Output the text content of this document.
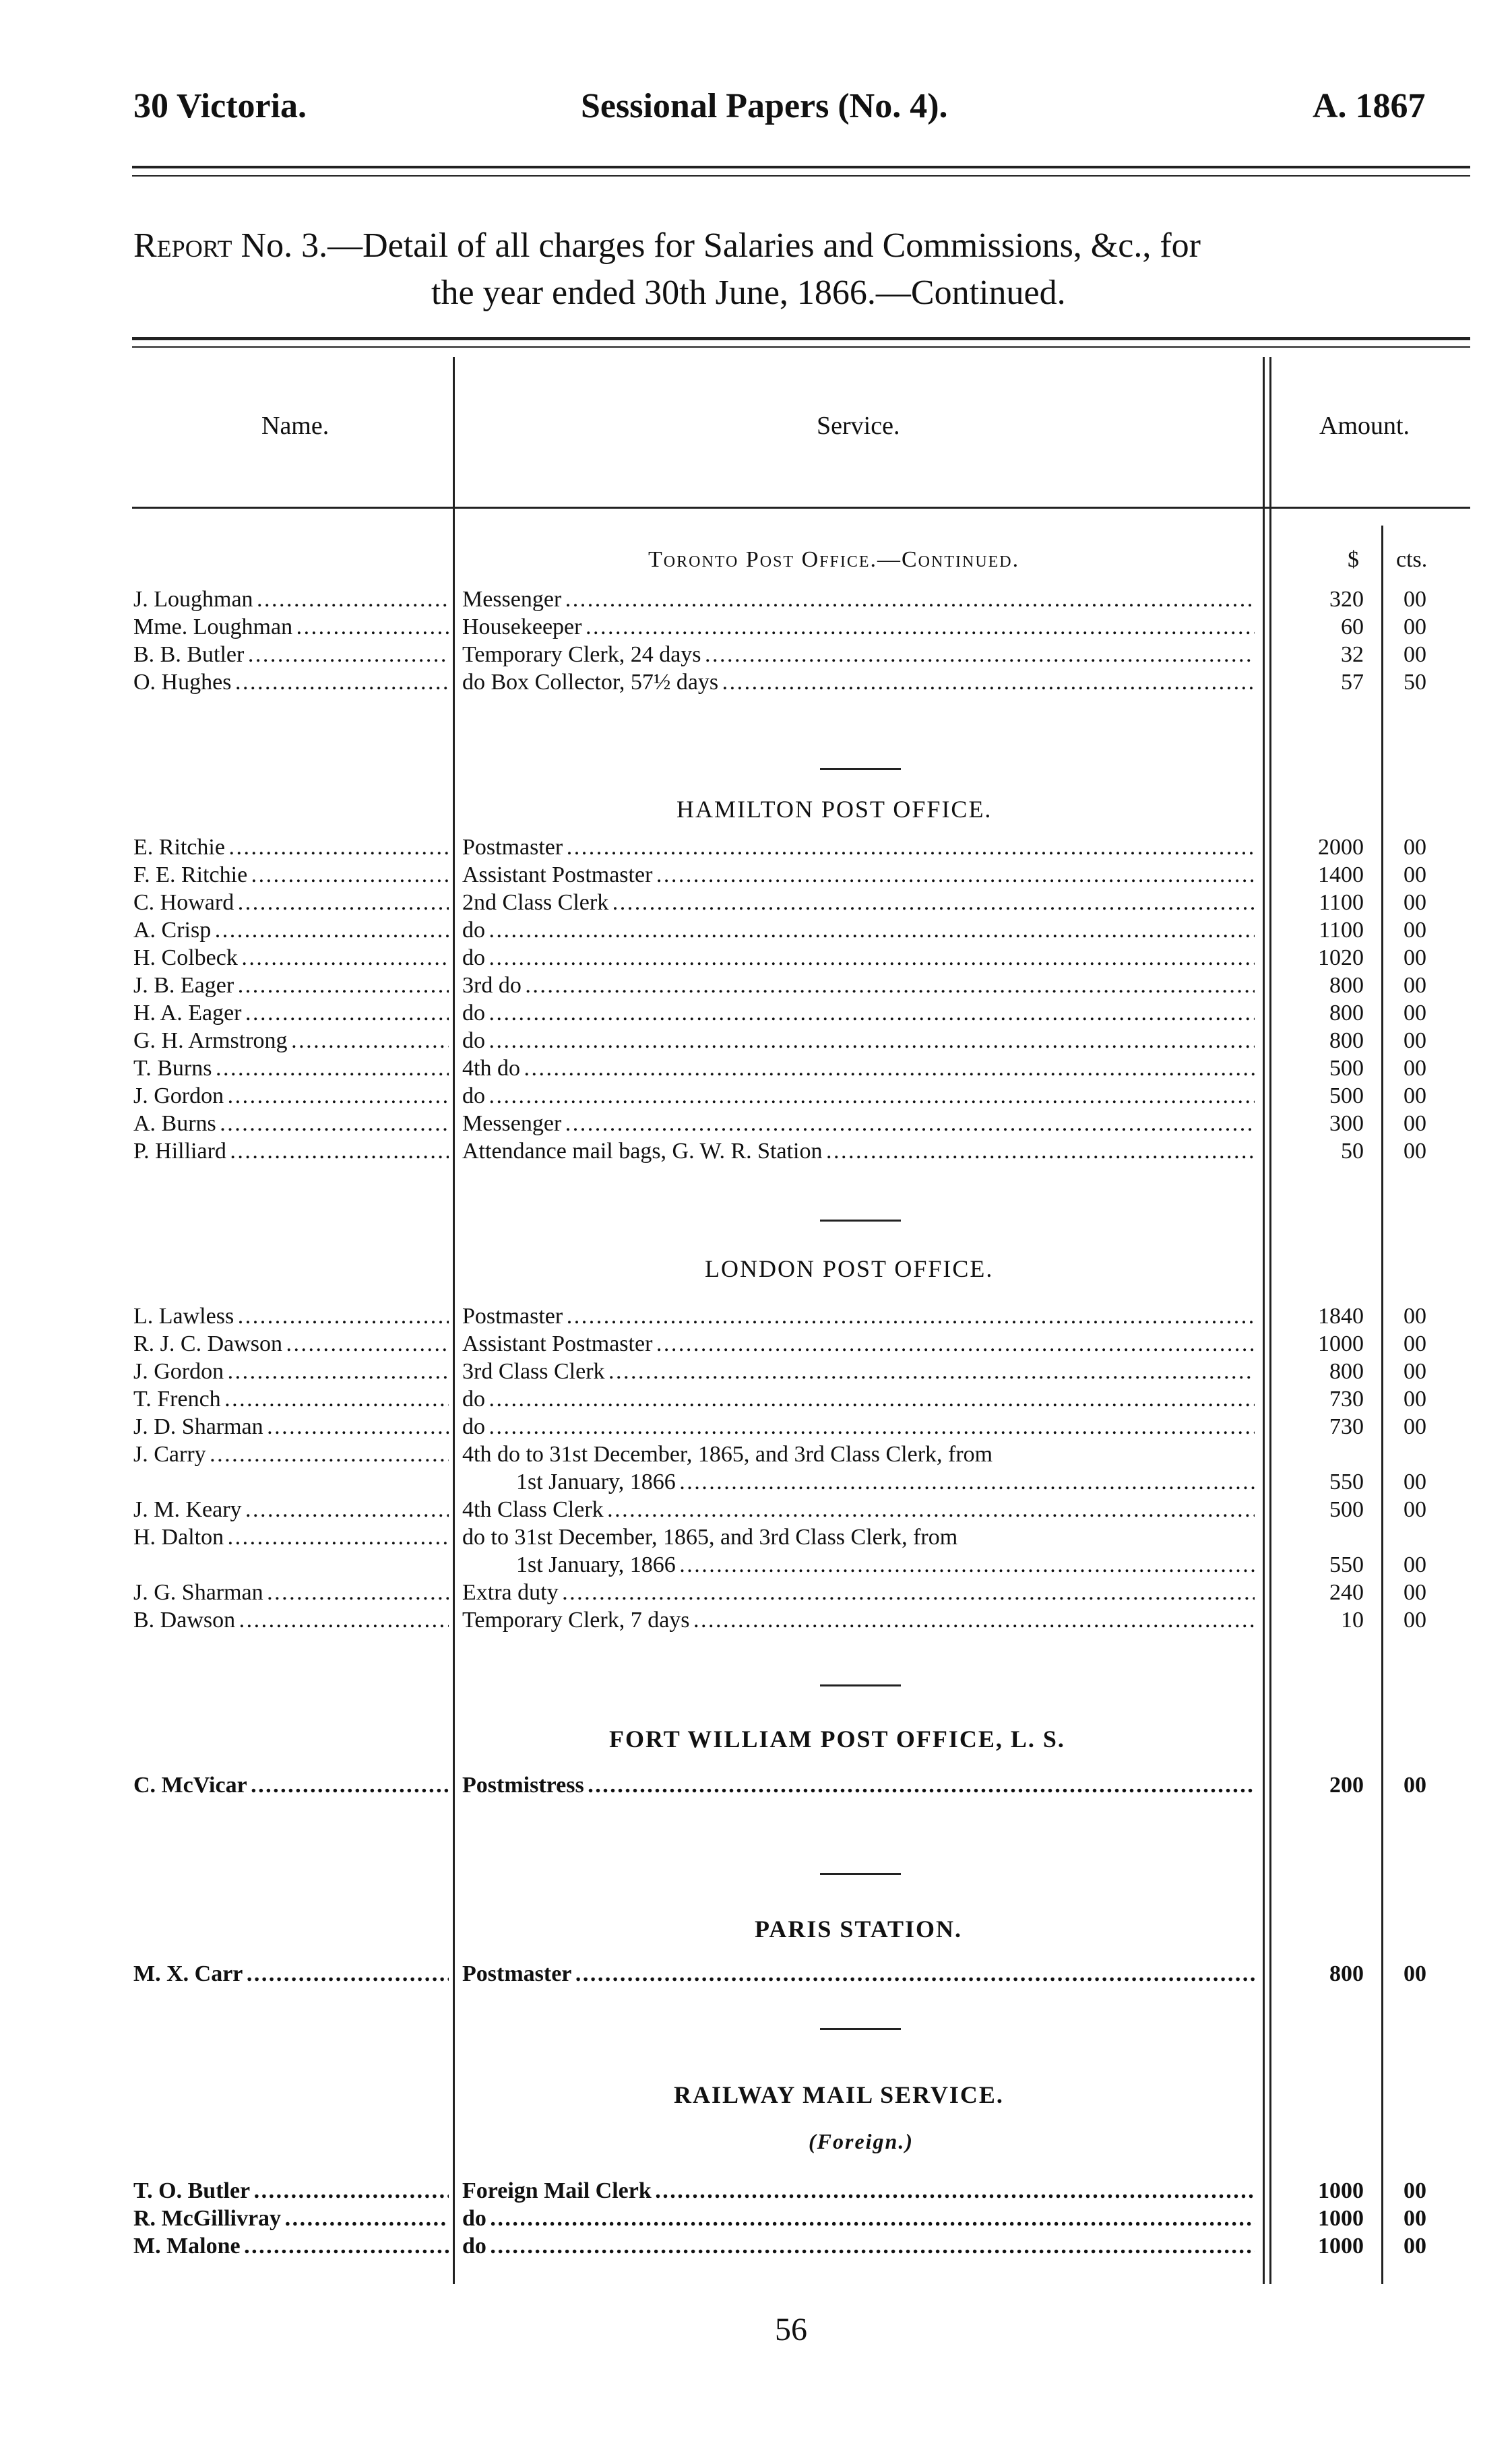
30 Victoria.	Sessional Papers (No. 4).	A. 1867
Report No. 3.—Detail of all charges for Salaries and Commissions, &c., for
the year ended 30th June, 1866.—Continued.
Name.	Service.	Amount.
Toronto Post Office.—Continued.	$ cts.
J. Loughman . . .	Messenger . . .	320	00
Mme. Loughman . . .	Housekeeper . . .	60	00
B. B. Butler . . .	Temporary Clerk, 24 days . . .	32	00
O. Hughes . . .	do Box Collector, 57½ days . . .	57	50
HAMILTON POST OFFICE.
E. Ritchie . . .	Postmaster . . .	2000	00
F. E. Ritchie . . .	Assistant Postmaster . . .	1400	00
C. Howard . . .	2nd Class Clerk . . .	1100	00
A. Crisp . . .	do . . .	1100	00
H. Colbeck . . .	do . . .	1020	00
J. B. Eager . . .	3rd do . . .	800	00
H. A. Eager . . .	do . . .	800	00
G. H. Armstrong . . .	do . . .	800	00
T. Burns . . .	4th do . . .	500	00
J. Gordon . . .	do . . .	500	00
A. Burns . . .	Messenger . . .	300	00
P. Hilliard . . .	Attendance mail bags, G. W. R. Station . . .	50	00
LONDON POST OFFICE.
L. Lawless . . .	Postmaster . . .	1840	00
R. J. C. Dawson . . .	Assistant Postmaster . . .	1000	00
J. Gordon . . .	3rd Class Clerk . . .	800	00
T. French . . .	do . . .	730	00
J. D. Sharman . . .	do . . .	730	00
J. Carry . . .	4th do to 31st December, 1865, and 3rd Class Clerk, from
1st January, 1866 . . .	550	00
J. M. Keary . . .	4th Class Clerk . . .	500	00
H. Dalton . . .	do to 31st December, 1865, and 3rd Class Clerk, from
1st January, 1866 . . .	550	00
J. G. Sharman . . .	Extra duty . . .	240	00
B. Dawson . . .	Temporary Clerk, 7 days . . .	10	00
FORT WILLIAM POST OFFICE, L. S.
C. McVicar . . .	Postmistress . . .	200	00
PARIS STATION.
M. X. Carr . . .	Postmaster . . .	800	00
RAILWAY MAIL SERVICE.
(Foreign.)
T. O. Butler . . .	Foreign Mail Clerk . . .	1000	00
R. McGillivray . . .	do . . .	1000	00
M. Malone . . .	do . . .	1000	00
56
